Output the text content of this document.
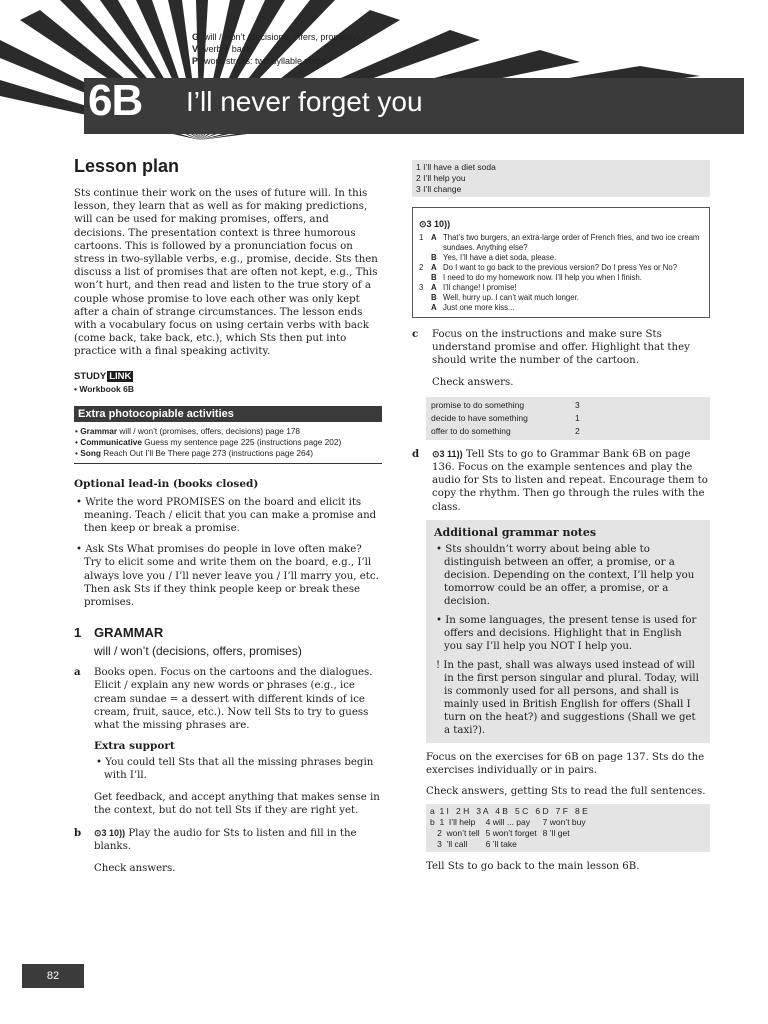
6B I’ll never forget you
G will / won’t (decisions, offers, promises)
V verb + back
P word stress: two-syllable verbs
Lesson plan

Sts continue their work on the uses of future will. In this lesson, they learn that as well as for making predictions, will can be used for making promises, offers, and decisions. The presentation context is three humorous cartoons. This is followed by a pronunciation focus on stress in two-syllable verbs, e.g., promise, decide. Sts then discuss a list of promises that are often not kept, e.g., This won’t hurt, and then read and listen to the true story of a couple whose promise to love each other was only kept after a chain of strange circumstances. The lesson ends with a vocabulary focus on using certain verbs with back (come back, take back, etc.), which Sts then put into practice with a final speaking activity.

STUDY LINK
• Workbook 6B
Extra photocopiable activities
• Grammar will / won’t (promises, offers, decisions) page 178
• Communicative Guess my sentence page 225 (instructions page 202)
• Song Reach Out I’ll Be There page 273 (instructions page 264)
Optional lead-in (books closed)
• Write the word PROMISES on the board and elicit its meaning. Teach / elicit that you can make a promise and then keep or break a promise.
• Ask Sts What promises do people in love often make? Try to elicit some and write them on the board, e.g., I’ll always love you / I’ll never leave you / I’ll marry you, etc. Then ask Sts if they think people keep or break these promises.
1 GRAMMAR
will / won’t (decisions, offers, promises)
a Books open. Focus on the cartoons and the dialogues. Elicit / explain any new words or phrases (e.g., ice cream sundae = a dessert with different kinds of ice cream, fruit, sauce, etc.). Now tell Sts to try to guess what the missing phrases are.
Extra support
• You could tell Sts that all the missing phrases begin with I’ll.

Get feedback, and accept anything that makes sense in the context, but do not tell Sts if they are right yet.

b ⊙3 10)) Play the audio for Sts to listen and fill in the blanks.
Check answers.
1 I’ll have a diet soda
2 I’ll help you
3 I’ll change
⊙3 10))
1 A That’s two burgers, an extra-large order of French fries, and two ice cream sundaes. Anything else?
B Yes, I’ll have a diet soda, please.
2 A Do I want to go back to the previous version? Do I press Yes or No?
B I need to do my homework now. I’ll help you when I finish.
3 A I’ll change! I promise!
B Well, hurry up. I can’t wait much longer.
A Just one more kiss...
c Focus on the instructions and make sure Sts understand promise and offer. Highlight that they should write the number of the cartoon.
Check answers.
promise to do something	3
decide to have something	1
offer to do something	2
d ⊙3 11)) Tell Sts to go to Grammar Bank 6B on page 136. Focus on the example sentences and play the audio for Sts to listen and repeat. Encourage them to copy the rhythm. Then go through the rules with the class.
Additional grammar notes
• Sts shouldn’t worry about being able to distinguish between an offer, a promise, or a decision. Depending on the context, I’ll help you tomorrow could be an offer, a promise, or a decision.
• In some languages, the present tense is used for offers and decisions. Highlight that in English you say I’ll help you NOT I help you.
! In the past, shall was always used instead of will in the first person singular and plural. Today, will is commonly used for all persons, and shall is mainly used in British English for offers (Shall I turn on the heat?) and suggestions (Shall we get a taxi?).

Focus on the exercises for 6B on page 137. Sts do the exercises individually or in pairs.

Check answers, getting Sts to read the full sentences.

a  1 I   2 H   3 A   4 B   5 C   6 D   7 F   8 E
b  1  I’ll help	4 will ... pay	7 won’t buy
2  won’t tell	5 won’t forget	8 ’ll get
3  ’ll call	6 ’ll take	

Tell Sts to go back to the main lesson 6B.

82
